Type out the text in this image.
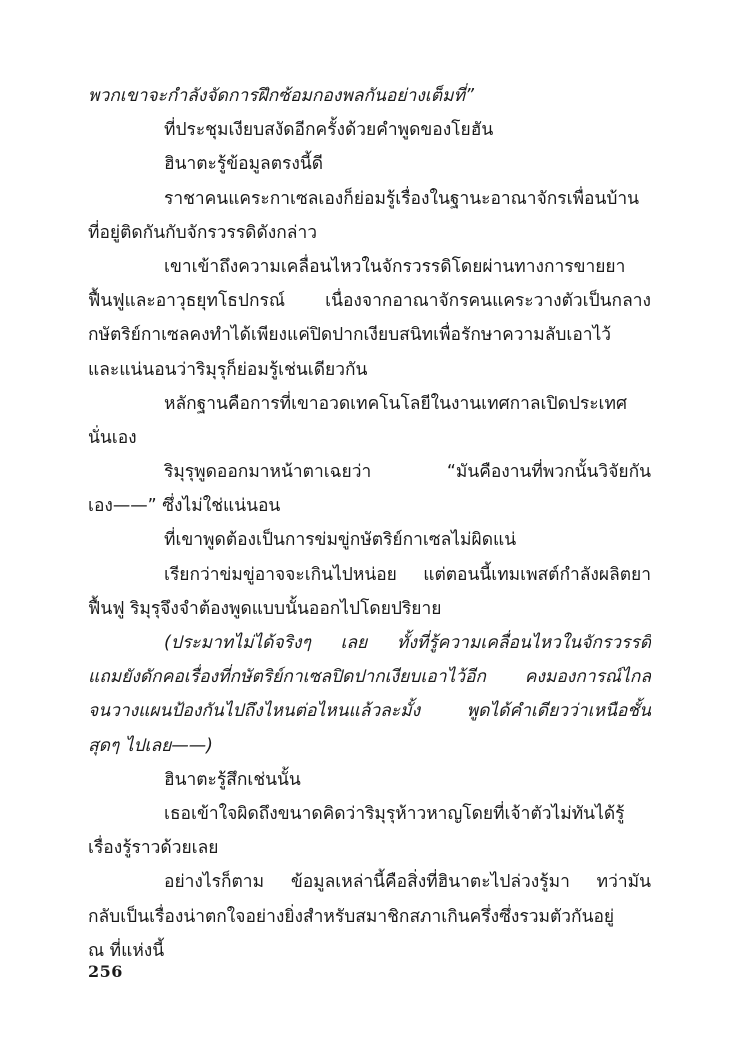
พวกเขาจะกำลังจัดการฝึกซ้อมกองพลกันอย่างเต็มที่”
ที่ประชุมเงียบสงัดอีกครั้งด้วยคำพูดของโยฮัน
ฮินาตะรู้ข้อมูลตรงนี้ดี
ราชาคนแคระกาเซลเองก็ย่อมรู้เรื่องในฐานะอาณาจักรเพื่อนบ้าน
ที่อยู่ติดกันกับจักรวรรดิดังกล่าว
เขาเข้าถึงความเคลื่อนไหวในจักรวรรดิโดยผ่านทางการขายยา
ฟื้นฟูและอาวุธยุทโธปกรณ์ เนื่องจากอาณาจักรคนแคระวางตัวเป็นกลาง
กษัตริย์กาเซลคงทำได้เพียงแค่ปิดปากเงียบสนิทเพื่อรักษาความลับเอาไว้
และแน่นอนว่าริมุรุก็ย่อมรู้เช่นเดียวกัน
หลักฐานคือการที่เขาอวดเทคโนโลยีในงานเทศกาลเปิดประเทศ
นั่นเอง
ริมุรุพูดออกมาหน้าตาเฉยว่า “มันคืองานที่พวกนั้นวิจัยกัน
เอง——” ซึ่งไม่ใช่แน่นอน
ที่เขาพูดต้องเป็นการข่มขู่กษัตริย์กาเซลไม่ผิดแน่
เรียกว่าข่มขู่อาจจะเกินไปหน่อย แต่ตอนนี้เทมเพสต์กำลังผลิตยา
ฟื้นฟู ริมุรุจึงจำต้องพูดแบบนั้นออกไปโดยปริยาย
(ประมาทไม่ได้จริงๆ เลย ทั้งที่รู้ความเคลื่อนไหวในจักรวรรดิ
แถมยังดักคอเรื่องที่กษัตริย์กาเซลปิดปากเงียบเอาไว้อีก คงมองการณ์ไกล
จนวางแผนป้องกันไปถึงไหนต่อไหนแล้วละมั้ง พูดได้คำเดียวว่าเหนือชั้น
สุดๆ ไปเลย——)
ฮินาตะรู้สึกเช่นนั้น
เธอเข้าใจผิดถึงขนาดคิดว่าริมุรุห้าวหาญโดยที่เจ้าตัวไม่ทันได้รู้
เรื่องรู้ราวด้วยเลย
อย่างไรก็ตาม ข้อมูลเหล่านี้คือสิ่งที่ฮินาตะไปล่วงรู้มา ทว่ามัน
กลับเป็นเรื่องน่าตกใจอย่างยิ่งสำหรับสมาชิกสภาเกินครึ่งซึ่งรวมตัวกันอยู่
ณ ที่แห่งนี้
256
